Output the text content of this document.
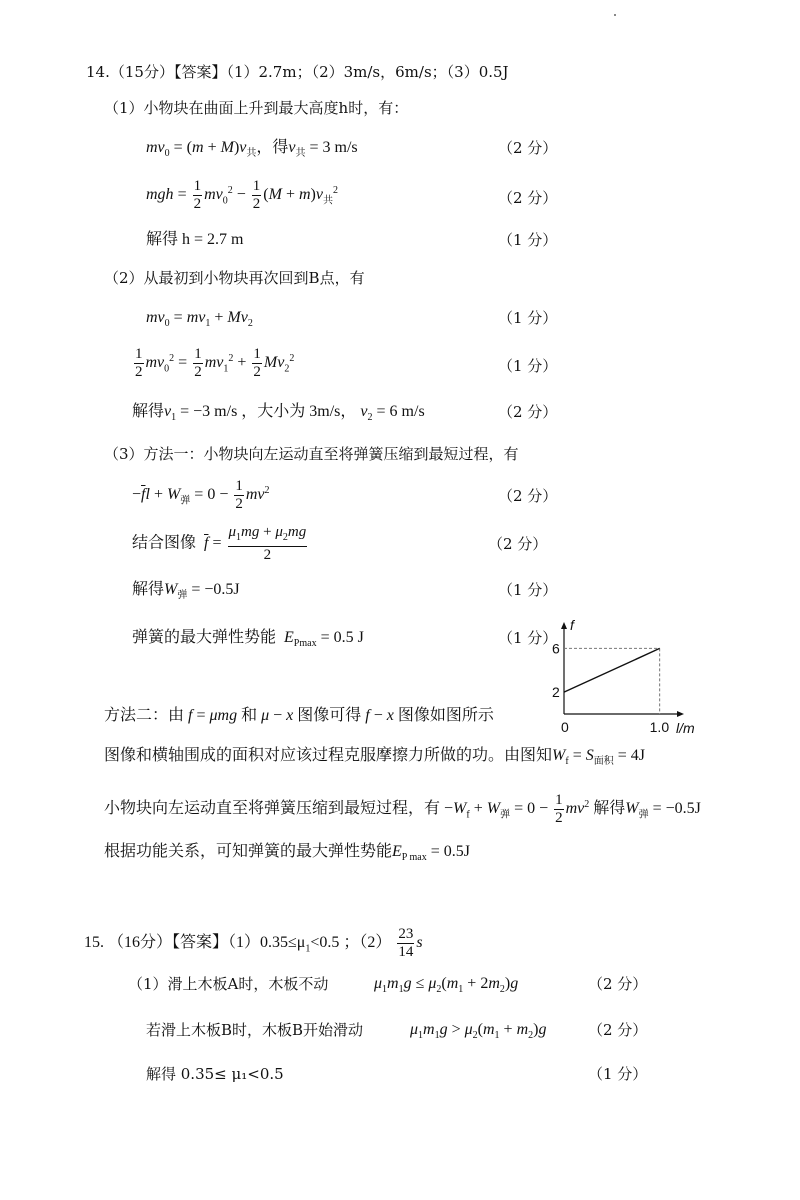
14.（15分）【答案】（1）2.7m；（2）3m/s，6m/s；（3）0.5J
（1）小物块在曲面上升到最大高度h时，有：
$mv_0 = (m + M)v_共$，得$v_共 = 3$ m/s	（2 分）
mgh = $\frac{1}{2} mv_0^2 - \frac{1}{2} (M + m)v_共^2$	（2 分）
解得 h = 2.7 m	（1 分）
（2）从最初到小物块再次回到B点，有
$mv_0 = mv_1 + Mv_2$	（1 分）
$\frac{1}{2} mv_0^2 = \frac{1}{2} mv_1^2 + \frac{1}{2} Mv_2^2$	（1 分）
解得$v_1 = -3$ m/s ，大小为 3m/s， $v_2 = 6$ m/s	（2 分）
（3）方法一：小物块向左运动直至将弹簧压缩到最短过程，有
$-\overline{f}l + W_弹 = 0 - \frac{1}{2} mv^2$	（2 分）
结合图像 $\overline{f} = \frac{\mu_1mg + \mu_2mg}{2}$	（2 分）
解得$W_弹 = -0.5J$	（1 分）
弹簧的最大弹性势能 $E_{Pmax} = 0.5$ J	（1 分）
f
l/m
6
2
0	1.0
方法二：由 f = μmg 和 μ − x 图像可得 f − x 图像如图所示
图像和横轴围成的面积对应该过程克服摩擦力所做的功。由图知$W_f = S_{面积} = 4J$
小物块向左运动直至将弹簧压缩到最短过程，有 $-W_f + W_弹 = 0 - \frac{1}{2} mv^2$ 解得$W_弹 = -0.5J$
根据功能关系，可知弹簧的最大弹性势能$E_{P max} = 0.5J$
15. （16分）【答案】$(1)0.35\le\mu_1<0.5$ ；$(2) \frac{23}{14}$ s
（1）滑上木板A时，木板不动	$\mu_1m_1g \le \mu_2(m_1 + 2m_2)g$	（2 分）
若滑上木板B时，木板B开始滑动	$\mu_1m_1g > \mu_2(m_1 + m_2)g$	（2 分）
解得 0.35≤ μ₁<0.5	（1 分）
